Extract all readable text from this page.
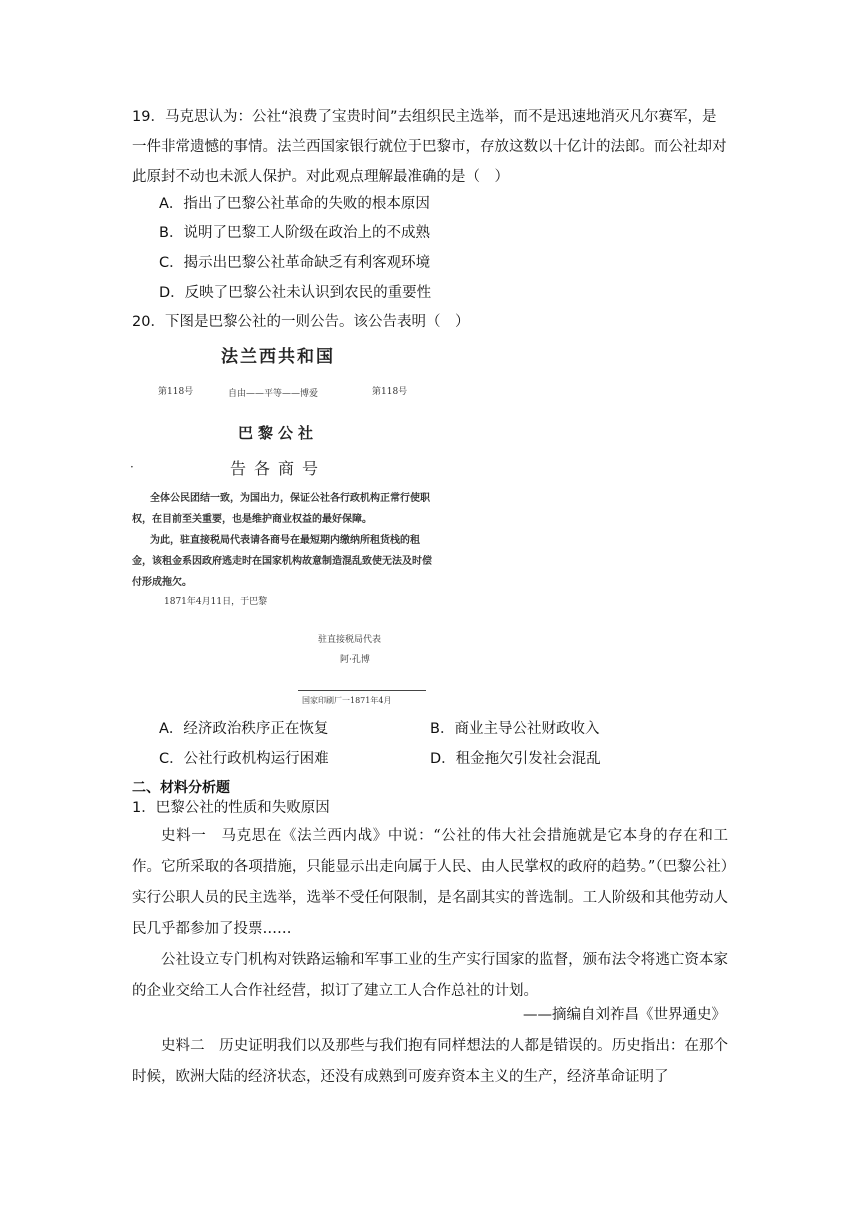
19．马克思认为：公社“浪费了宝贵时间”去组织民主选举，而不是迅速地消灭凡尔赛军，是一件非常遗憾的事情。法兰西国家银行就位于巴黎市，存放这数以十亿计的法郎。而公社却对此原封不动也未派人保护。对此观点理解最准确的是（　）
A．指出了巴黎公社革命的失败的根本原因
B．说明了巴黎工人阶级在政治上的不成熟
C．揭示出巴黎公社革命缺乏有利客观环境
D．反映了巴黎公社未认识到农民的重要性
20．下图是巴黎公社的一则公告。该公告表明（　）
法兰西共和国
第118号	自由——平等——博爱	第118号
巴黎公社
·	告各商号
全体公民团结一致，为国出力，保证公社各行政机构正常行使职权，在目前至关重要，也是维护商业权益的最好保障。
为此，驻直接税局代表请各商号在最短期内缴纳所租货栈的租金，该租金系因政府逃走时在国家机构故意制造混乱致使无法及时偿付形成拖欠。
1871年4月11日，于巴黎
驻直接税局代表
阿·孔博
国家印刷厂一1871年4月
A．经济政治秩序正在恢复	B．商业主导公社财政收入
C．公社行政机构运行困难	D．租金拖欠引发社会混乱
二、材料分析题
1．巴黎公社的性质和失败原因
史料一　马克思在《法兰西内战》中说：“公社的伟大社会措施就是它本身的存在和工作。它所采取的各项措施，只能显示出走向属于人民、由人民掌权的政府的趋势。”（巴黎公社）实行公职人员的民主选举，选举不受任何限制，是名副其实的普选制。工人阶级和其他劳动人民几乎都参加了投票……
公社设立专门机构对铁路运输和军事工业的生产实行国家的监督，颁布法令将逃亡资本家的企业交给工人合作社经营，拟订了建立工人合作总社的计划。
——摘编自刘祚昌《世界通史》
史料二　历史证明我们以及那些与我们抱有同样想法的人都是错误的。历史指出：在那个时候，欧洲大陆的经济状态，还没有成熟到可废弃资本主义的生产，经济革命证明了
